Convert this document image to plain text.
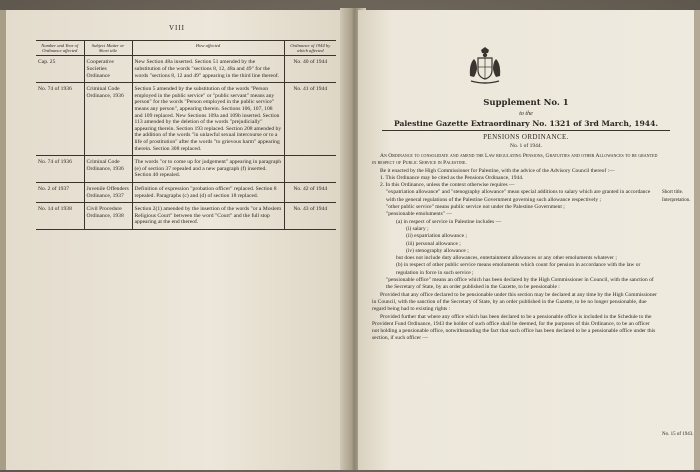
VIII
Number and Year of Ordinance affected	Subject Matter or Short title	How affected	Ordinance of 1944 by which affected
Cap. 25	Cooperative Societies Ordinance	New Section 48a inserted. Section 51 amended by the substitution of the words "sections 8, 12, 48a and 49" for the words "sections 8, 12 and 49" appearing in the third line thereof.	No. 40 of 1944
No. 74 of 1936	Criminal Code Ordinance, 1936	Section 5 amended by the substitution of the words "Person employed in the public service" or "public servant" means any person" for the words "Person employed in the public service" means any person", appearing therein. Sections 106, 107, 108 and 109 replaced. New Sections 109a and 109b inserted. Section 113 amended by the deletion of the words "prejudicially" appearing therein. Section 193 replaced. Section 208 amended by the addition of the words "in unlawful sexual intercourse or to a life of prostitution" after the words "to grievous harm" appearing therein. Section 308 replaced.	No. 41 of 1944
No. 74 of 1936	Criminal Code Ordinance, 1936	The words "or to come up for judgement" appearing in paragraph (e) of section 37 repealed and a new paragraph (f) inserted. Section 40 repealed.	
No. 2 of 1937	Juvenile Offenders Ordinance, 1937	Definition of expression "probation officer" replaced. Section 8 repealed. Paragraphs (c) and (d) of section 18 replaced.	No. 42 of 1944
No. 14 of 1938	Civil Procedure Ordinance, 1938	Section 2(1) amended by the insertion of the words "or a Moslem Religious Court" between the word "Court" and the full stop appearing at the end thereof.	No. 43 of 1944
Supplement No. 1
to the
Palestine Gazette Extraordinary No. 1321 of 3rd March, 1944.
PENSIONS ORDINANCE.
No. 1 of 1944.

An Ordinance to consolidate and amend the Law regulating Pensions, Gratuities and other Allowances to be granted in respect of Public Service in Palestine.

Be it enacted by the High Commissioner for Palestine, with the advice of the Advisory Council thereof :—

1. This Ordinance may be cited as the Pensions Ordinance, 1944.

2. In this Ordinance, unless the context otherwise requires —

"expatriation allowance" and "stenography allowance" mean special additions to salary which are granted in accordance with the general regulations of the Palestine Government governing such allowance respectively ;

"other public service" means public service not under the Palestine Government ;

"pensionable emoluments" —

(a) in respect of service in Palestine includes —

(i) salary ;

(ii) expatriation allowance ;

(iii) personal allowance ;

(iv) stenography allowance ;

but does not include duty allowances, entertainment allowances or any other emoluments whatever ;

(b) in respect of other public service means emoluments which count for pension in accordance with the law or regulation in force in such service ;

"pensionable office" means an office which has been declared by the High Commissioner in Council, with the sanction of the Secretary of State, by an order published in the Gazette, to be pensionable :

Provided that any office declared to be pensionable under this section may be declared at any time by the High Commissioner in Council, with the sanction of the Secretary of State, by an order published in the Gazette, to be no longer pensionable, due regard being had to existing rights :

Provided further that where any office which has been declared to be a pensionable office is included in the Schedule to the Provident Fund Ordinance, 1943 the holder of such office shall be deemed, for the purposes of this Ordinance, to be an officer not holding a pensionable office, notwithstanding the fact that such office has been declared to be a pensionable office under this section, if such officer —

Short title.
Interpretation.
No. 15 of 1943.
